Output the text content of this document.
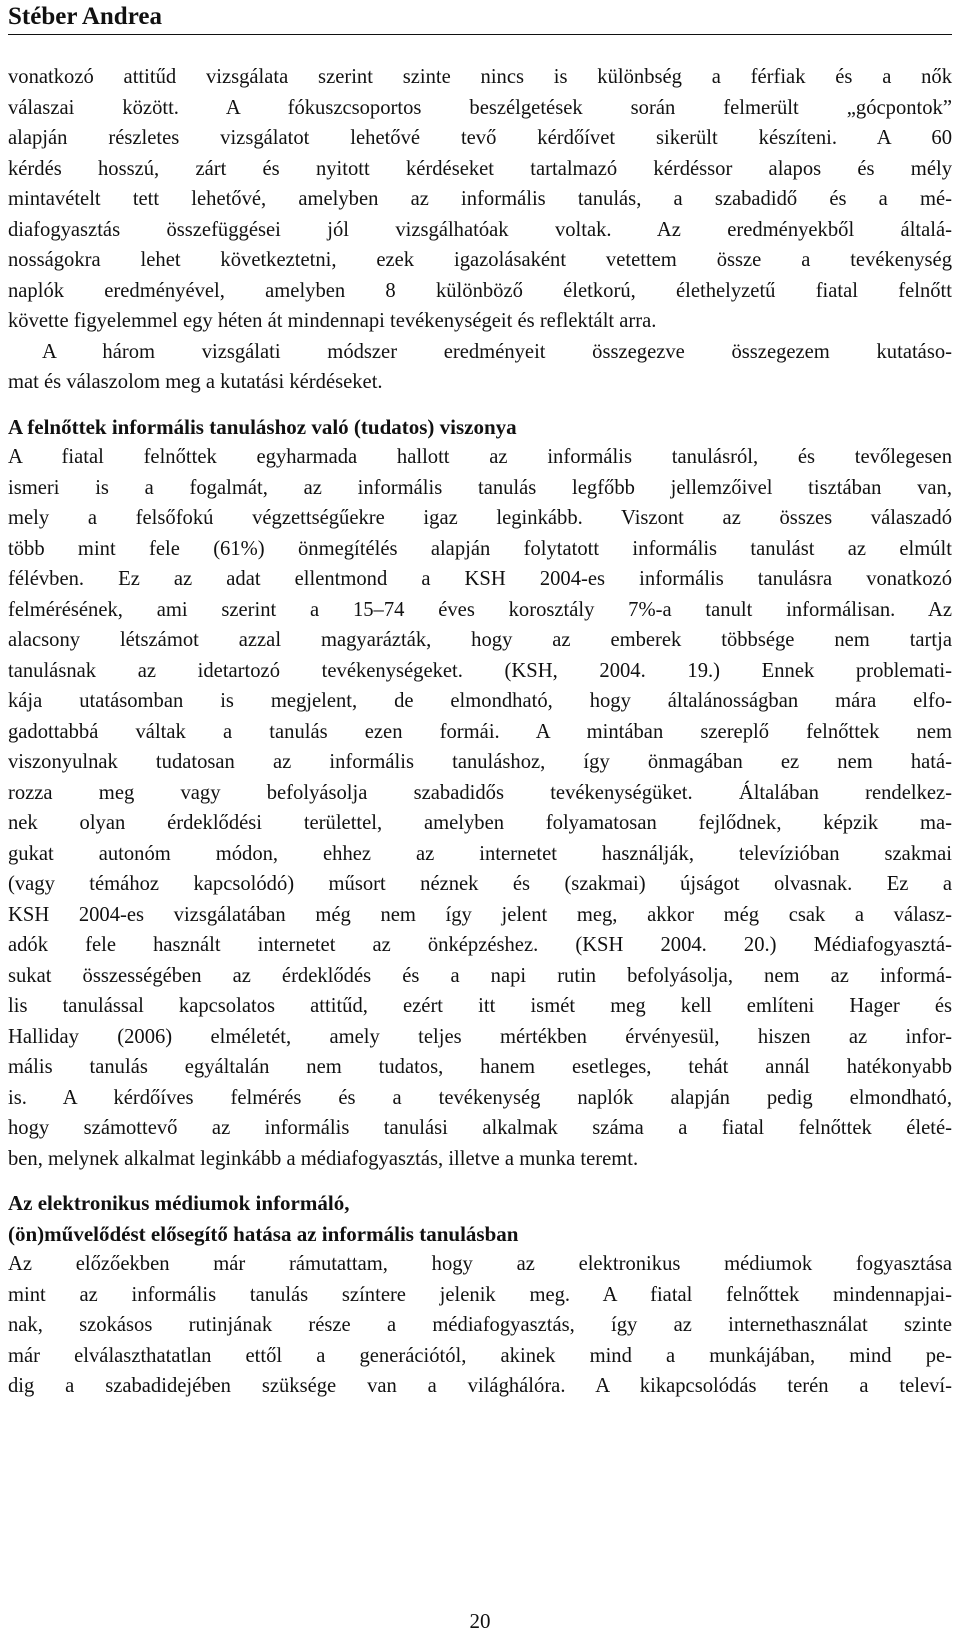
Stéber Andrea
vonatkozó attitűd vizsgálata szerint szinte nincs is különbség a férfiak és a nők
válaszai között. A fókuszcsoportos beszélgetések során felmerült „gócpontok”
alapján részletes vizsgálatot lehetővé tevő kérdőívet sikerült készíteni. A 60
kérdés hosszú, zárt és nyitott kérdéseket tartalmazó kérdéssor alapos és mély
mintavételt tett lehetővé, amelyben az informális tanulás, a szabadidő és a mé-
diafogyasztás összefüggései jól vizsgálhatóak voltak. Az eredményekből általá-
nosságokra lehet következtetni, ezek igazolásaként vetettem össze a tevékenység
naplók eredményével, amelyben 8 különböző életkorú, élethelyzetű fiatal felnőtt
követte figyelemmel egy héten át mindennapi tevékenységeit és reflektált arra.
A három vizsgálati módszer eredményeit összegezve összegezem kutatáso-
mat és válaszolom meg a kutatási kérdéseket.
A felnőttek informális tanuláshoz való (tudatos) viszonya
A fiatal felnőttek egyharmada hallott az informális tanulásról, és tevőlegesen
ismeri is a fogalmát, az informális tanulás legfőbb jellemzőivel tisztában van,
mely a felsőfokú végzettségűekre igaz leginkább. Viszont az összes válaszadó
több mint fele (61%) önmegítélés alapján folytatott informális tanulást az elmúlt
félévben. Ez az adat ellentmond a KSH 2004-es informális tanulásra vonatkozó
felmérésének, ami szerint a 15–74 éves korosztály 7%-a tanult informálisan. Az
alacsony létszámot azzal magyarázták, hogy az emberek többsége nem tartja
tanulásnak az idetartozó tevékenységeket. (KSH, 2004. 19.) Ennek problemati-
kája utatásomban is megjelent, de elmondható, hogy általánosságban mára elfo-
gadottabbá váltak a tanulás ezen formái. A mintában szereplő felnőttek nem
viszonyulnak tudatosan az informális tanuláshoz, így önmagában ez nem hatá-
rozza meg vagy befolyásolja szabadidős tevékenységüket. Általában rendelkez-
nek olyan érdeklődési területtel, amelyben folyamatosan fejlődnek, képzik ma-
gukat autonóm módon, ehhez az internetet használják, televízióban szakmai
(vagy témához kapcsolódó) műsort néznek és (szakmai) újságot olvasnak. Ez a
KSH 2004-es vizsgálatában még nem így jelent meg, akkor még csak a válasz-
adók fele használt internetet az önképzéshez. (KSH 2004. 20.) Médiafogyasztá-
sukat összességében az érdeklődés és a napi rutin befolyásolja, nem az informá-
lis tanulással kapcsolatos attitűd, ezért itt ismét meg kell említeni Hager és
Halliday (2006) elméletét, amely teljes mértékben érvényesül, hiszen az infor-
mális tanulás egyáltalán nem tudatos, hanem esetleges, tehát annál hatékonyabb
is. A kérdőíves felmérés és a tevékenység naplók alapján pedig elmondható,
hogy számottevő az informális tanulási alkalmak száma a fiatal felnőttek életé-
ben, melynek alkalmat leginkább a médiafogyasztás, illetve a munka teremt.
Az elektronikus médiumok informáló,
(ön)művelődést elősegítő hatása az informális tanulásban
Az előzőekben már rámutattam, hogy az elektronikus médiumok fogyasztása
mint az informális tanulás színtere jelenik meg. A fiatal felnőttek mindennapjai-
nak, szokásos rutinjának része a médiafogyasztás, így az internethasználat szinte
már elválaszthatatlan ettől a generációtól, akinek mind a munkájában, mind pe-
dig a szabadidejében szüksége van a világhálóra. A kikapcsolódás terén a televí-
20
